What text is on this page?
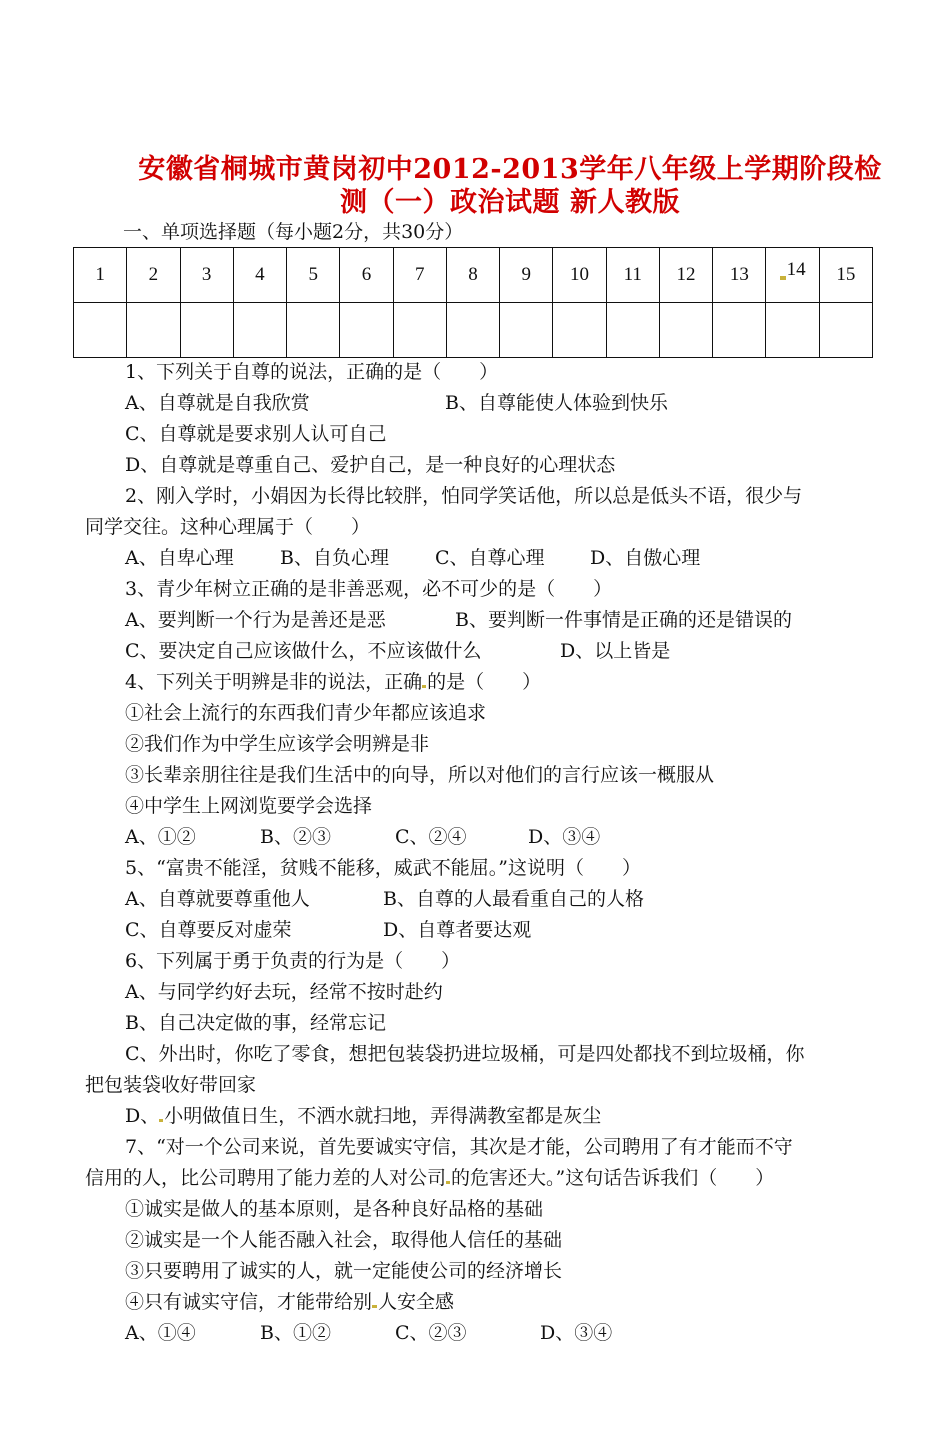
安徽省桐城市黄岗初中2012-2013学年八年级上学期阶段检
测（一）政治试题 新人教版
一、单项选择题（每小题2分，共30分）
1	2	3	4	5	6	7	8	9	10	11	12	13	14	15

1、下列关于自尊的说法，正确的是（　　）
A、自尊就是自我欣赏	B、自尊能使人体验到快乐
C、自尊就是要求别人认可自己
D、自尊就是尊重自己、爱护自己，是一种良好的心理状态
2、刚入学时，小娟因为长得比较胖，怕同学笑话他，所以总是低头不语，很少与
同学交往。这种心理属于（　　）
A、自卑心理	B、自负心理	C、自尊心理	D、自傲心理
3、青少年树立正确的是非善恶观，必不可少的是（　　）
A、要判断一个行为是善还是恶	B、要判断一件事情是正确的还是错误的
C、要决定自己应该做什么，不应该做什么	D、以上皆是
4、下列关于明辨是非的说法，正确 的是（　　）
①社会上流行的东西我们青少年都应该追求
②我们作为中学生应该学会明辨是非
③长辈亲朋往往是我们生活中的向导，所以对他们的言行应该一概服从
④中学生上网浏览要学会选择
A、①②	B、②③	C、②④	D、③④
5、“富贵不能淫，贫贱不能移，威武不能屈。”这说明（　　）
A、自尊就要尊重他人	B、自尊的人最看重自己的人格
C、自尊要反对虚荣	D、自尊者要达观
6、下列属于勇于负责的行为是（　　）
A、与同学约好去玩，经常不按时赴约
B、自己决定做的事，经常忘记
C、外出时，你吃了零食，想把包装袋扔进垃圾桶，可是四处都找不到垃圾桶，你
把包装袋收好带回家
D、 小明做值日生，不洒水就扫地，弄得满教室都是灰尘
7、“对一个公司来说，首先要诚实守信，其次是才能，公司聘用了有才能而不守
信用的人，比公司聘用了能力差的人对公司 的危害还大。”这句话告诉我们（　　）
①诚实是做人的基本原则，是各种良好品格的基础
②诚实是一个人能否融入社会，取得他人信任的基础
③只要聘用了诚实的人，就一定能使公司的经济增长
④只有诚实守信，才能带给别 人安全感
A、①④	B、①②	C、②③	D、③④
